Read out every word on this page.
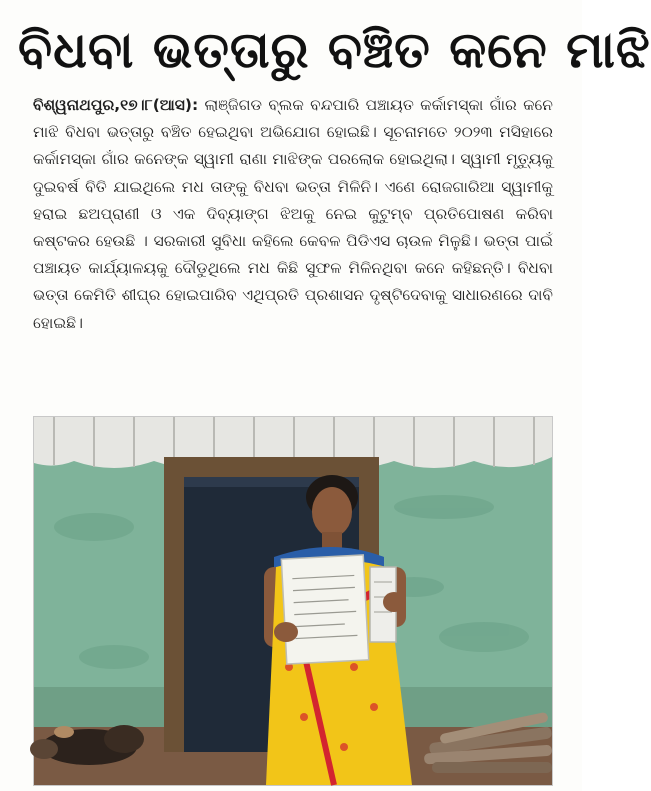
ବିଧବା ଭତ୍ତାରୁ ବଞ୍ଚିତ କନେ ମାଝି
ବିଶ୍ୱନାଥପୁର,୧୭।୮(ଆସ): ଲାଞ୍ଜିଗଡ ବ୍ଲକ ବନ୍ଦପାରି ପଞ୍ଚାୟତ କର୍କାମସ୍କା ଗାଁର କନେ ମାଝି ବିଧବା ଭତ୍ତାରୁ ବଞ୍ଚିତ ହେଇଥିବା ଅଭିଯୋଗ ହୋଇଛି। ସୂଚନାମତେ ୨୦୨୩ ମସିହାରେ କର୍କାମସ୍କା ଗାଁର କନେଙ୍କ ସ୍ୱାମୀ ରାଣା ମାଝିଙ୍କ ପରଲୋକ ହୋଇଥିଲା। ସ୍ୱାମୀ ମୃତ୍ୟୁକୁ ଦୁଇବର୍ଷ ବିତି ଯାଇଥିଲେ ମଧ ତାଙ୍କୁ ବିଧବା ଭତ୍ତା ମିଳିନି। ଏଣେ ରୋଜଗାରିଆ ସ୍ୱାମୀକୁ ହରାଇ ଛଅପ୍ରାଣୀ ଓ ଏକ ଦିବ୍ୟାଙ୍ଗ ଝିଅକୁ ନେଇ କୁଟୁମ୍ବ ପ୍ରତିପୋଷଣ କରିବା କଷ୍ଟକର ହେଉଛି । ସରକାରୀ ସୁବିଧା କହିଲେ କେବଳ ପିଡିଏସ ଚାଉଳ ମିଳୁଛି। ଭତ୍ତା ପାଇଁ ପଞ୍ଚାୟତ କାର୍ଯ୍ୟାଳୟକୁ ଦୌଡୁଥିଲେ ମଧ କିଛି ସୁଫଳ ମିଳିନଥିବା କନେ କହିଛନ୍ତି। ବିଧବା ଭତ୍ତା କେମିତି ଶୀଘ୍ର ହୋଇପାରିବ ଏଥିପ୍ରତି ପ୍ରଶାସନ ଦୃଷ୍ଟିଦେବାକୁ ସାଧାରଣରେ ଦାବି ହୋଇଛି।
